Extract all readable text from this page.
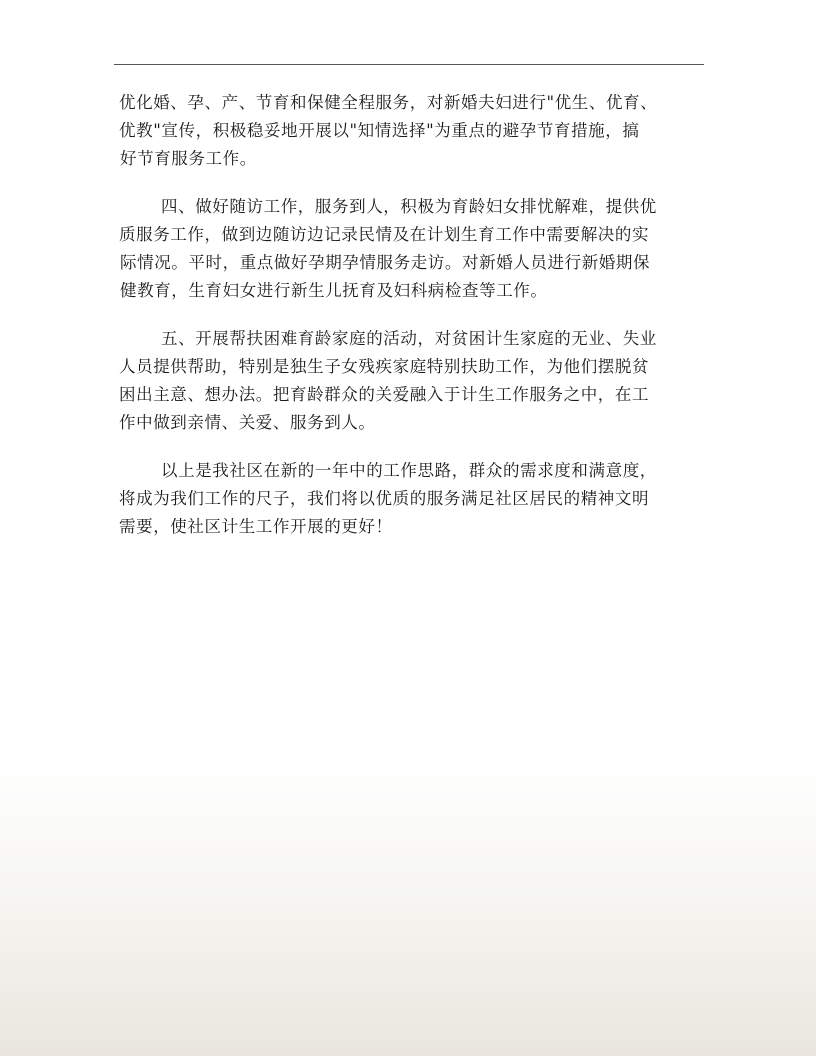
优化婚、孕、产、节育和保健全程服务，对新婚夫妇进行"优生、优育、
优教"宣传，积极稳妥地开展以"知情选择"为重点的避孕节育措施，搞
好节育服务工作。
四、做好随访工作，服务到人，积极为育龄妇女排忧解难，提供优
质服务工作，做到边随访边记录民情及在计划生育工作中需要解决的实
际情况。平时，重点做好孕期孕情服务走访。对新婚人员进行新婚期保
健教育，生育妇女进行新生儿抚育及妇科病检查等工作。
五、开展帮扶困难育龄家庭的活动，对贫困计生家庭的无业、失业
人员提供帮助，特别是独生子女残疾家庭特别扶助工作，为他们摆脱贫
困出主意、想办法。把育龄群众的关爱融入于计生工作服务之中，在工
作中做到亲情、关爱、服务到人。
以上是我社区在新的一年中的工作思路，群众的需求度和满意度，
将成为我们工作的尺子，我们将以优质的服务满足社区居民的精神文明
需要，使社区计生工作开展的更好！
